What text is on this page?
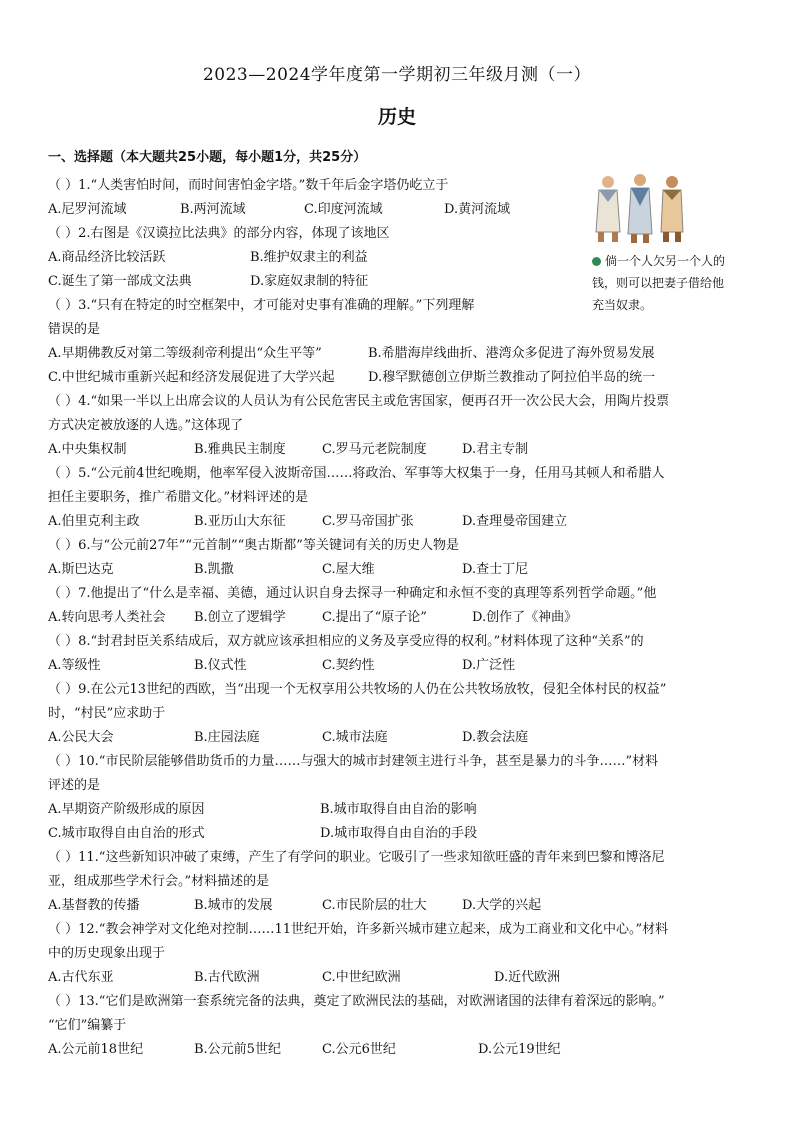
2023—2024学年度第一学期初三年级月测（一）
历史
一、选择题（本大题共25小题，每小题1分，共25分）
倘一个人欠另一个人的钱，则可以把妻子借给他充当奴隶。
（ ）1.“人类害怕时间，而时间害怕金字塔。”数千年后金字塔仍屹立于
A.尼罗河流域	B.两河流域	C.印度河流域	D.黄河流域
（ ）2.右图是《汉谟拉比法典》的部分内容，体现了该地区
A.商品经济比较活跃	B.维护奴隶主的利益
C.诞生了第一部成文法典	D.家庭奴隶制的特征
（ ）3.“只有在特定的时空框架中，才可能对史事有准确的理解。”下列理解
错误的是
A.早期佛教反对第二等级刹帝利提出“众生平等”	B.希腊海岸线曲折、港湾众多促进了海外贸易发展
C.中世纪城市重新兴起和经济发展促进了大学兴起	D.穆罕默德创立伊斯兰教推动了阿拉伯半岛的统一
（ ）4.“如果一半以上出席会议的人员认为有公民危害民主或危害国家，便再召开一次公民大会，用陶片投票
方式决定被放逐的人选。”这体现了
A.中央集权制	B.雅典民主制度	C.罗马元老院制度	D.君主专制
（ ）5.“公元前4世纪晚期，他率军侵入波斯帝国……将政治、军事等大权集于一身，任用马其顿人和希腊人
担任主要职务，推广希腊文化。”材料评述的是
A.伯里克利主政	B.亚历山大东征	C.罗马帝国扩张	D.查理曼帝国建立
（ ）6.与“公元前27年”“元首制”“奥古斯都”等关键词有关的历史人物是
A.斯巴达克	B.凯撒	C.屋大维	D.查士丁尼
（ ）7.他提出了“什么是幸福、美德，通过认识自身去探寻一种确定和永恒不变的真理等系列哲学命题。”他
A.转向思考人类社会	B.创立了逻辑学	C.提出了“原子论”	D.创作了《神曲》
（ ）8.“封君封臣关系结成后，双方就应该承担相应的义务及享受应得的权利。”材料体现了这种“关系”的
A.等级性	B.仪式性	C.契约性	D.广泛性
（ ）9.在公元13世纪的西欧，当“出现一个无权享用公共牧场的人仍在公共牧场放牧，侵犯全体村民的权益”
时，“村民”应求助于
A.公民大会	B.庄园法庭	C.城市法庭	D.教会法庭
（ ）10.“市民阶层能够借助货币的力量……与强大的城市封建领主进行斗争，甚至是暴力的斗争……”材料
评述的是
A.早期资产阶级形成的原因	B.城市取得自由自治的影响
C.城市取得自由自治的形式	D.城市取得自由自治的手段
（ ）11.“这些新知识冲破了束缚，产生了有学问的职业。它吸引了一些求知欲旺盛的青年来到巴黎和博洛尼
亚，组成那些学术行会。”材料描述的是
A.基督教的传播	B.城市的发展	C.市民阶层的壮大	D.大学的兴起
（ ）12.“教会神学对文化绝对控制……11世纪开始，许多新兴城市建立起来，成为工商业和文化中心。”材料
中的历史现象出现于
A.古代东亚	B.古代欧洲	C.中世纪欧洲	D.近代欧洲
（ ）13.“它们是欧洲第一套系统完备的法典，奠定了欧洲民法的基础，对欧洲诸国的法律有着深远的影响。”
“它们”编纂于
A.公元前18世纪	B.公元前5世纪	C.公元6世纪	D.公元19世纪
